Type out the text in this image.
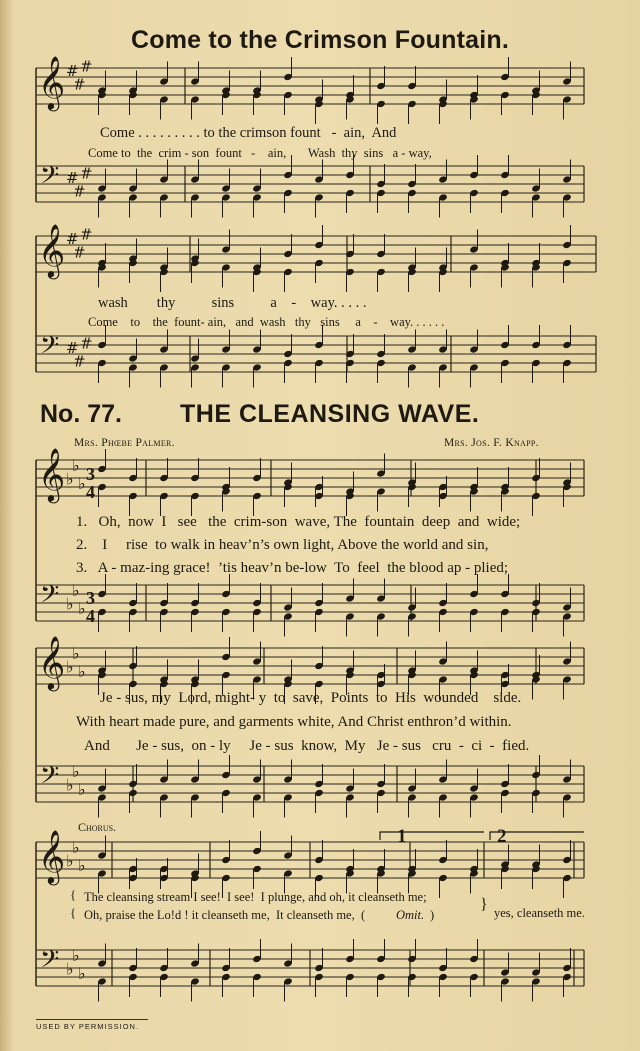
𝄞
𝄢
#
#
#
#
#
#
𝄞
𝄢
#
#
#
#
#
#
𝄞
𝄢
♭
♭
♭
♭
♭
♭
𝄞
𝄢
♭
♭
♭
♭
♭
♭
𝄞
𝄢
♭
♭
♭
♭
♭
♭
3
4
3
4
Come to the Crimson Fountain.
Come . . . . . . . . . to the crimson fount   -  ain,  And
Come to  the  crim - son  fount   -    ain,       Wash  thy  sins   a - way,
wash        thy          sins          a    -    way. . . . .
Come    to    the  fount- ain,   and  wash   thy   sins     a    -    way. . . . . .
No. 77. THE CLEANSING WAVE.
Mrs. Phœbe Palmer.	Mrs. Jos. F. Knapp.
1.   Oh,  now  I   see   the  crim-son  wave, The  fountain  deep  and  wide;
2.    I     rise  to walk in heav’n’s own light, Above the world and sin,
3.   A - maz-ing grace!  ’tis heav’n be-low  To  feel  the blood ap - plied;
Je - sus, my  Lord, might- y  to  save,  Points  to  His  wounded    side.
With heart made pure, and garments white, And Christ enthron’d within.
And       Je - sus,  on - ly     Je - sus  know,  My   Je - sus   cru  -  ci  -  fied.
Chorus.
{
{
The cleansing stream I see!  I see!  I plunge, and oh, it cleanseth me;
Oh, praise the Lo!d ! it cleanseth me,  It cleanseth me,  ( Omit. )
} yes, cleanseth me.
1	2
USED BY PERMISSION.
